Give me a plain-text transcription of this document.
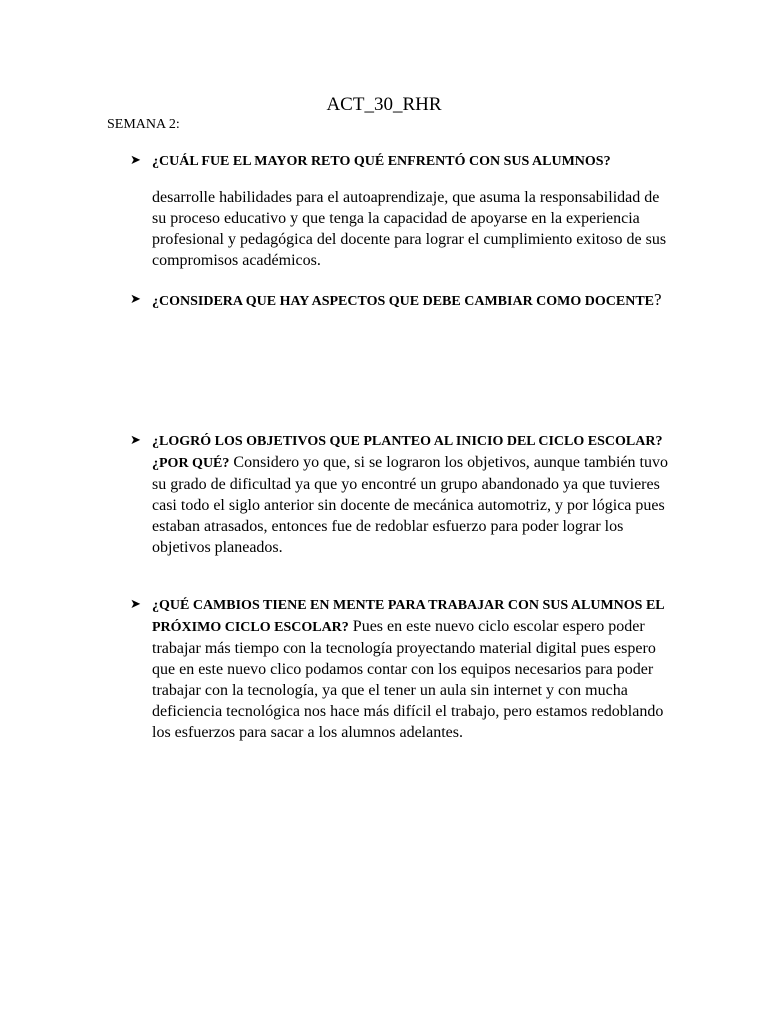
ACT_30_RHR
SEMANA 2:
➤ ¿CUÁL FUE EL MAYOR RETO QUÉ ENFRENTÓ CON SUS ALUMNOS?
desarrolle habilidades para el autoaprendizaje, que asuma la responsabilidad de su proceso educativo y que tenga la capacidad de apoyarse en la experiencia profesional y pedagógica del docente para lograr el cumplimiento exitoso de sus compromisos académicos.
➤ ¿CONSIDERA QUE HAY ASPECTOS QUE DEBE CAMBIAR COMO DOCENTE?
➤ ¿LOGRÓ LOS OBJETIVOS QUE PLANTEO AL INICIO DEL CICLO ESCOLAR? ¿POR QUÉ? Considero yo que, si se lograron los objetivos, aunque también tuvo su grado de dificultad ya que yo encontré un grupo abandonado ya que tuvieres casi todo el siglo anterior sin docente de mecánica automotriz, y por lógica pues estaban atrasados, entonces fue de redoblar esfuerzo para poder lograr los objetivos planeados.
➤ ¿QUÉ CAMBIOS TIENE EN MENTE PARA TRABAJAR CON SUS ALUMNOS EL PRÓXIMO CICLO ESCOLAR? Pues en este nuevo ciclo escolar espero poder trabajar más tiempo con la tecnología proyectando material digital pues espero que en este nuevo clico podamos contar con los equipos necesarios para poder trabajar con la tecnología, ya que el tener un aula sin internet y con mucha deficiencia tecnológica nos hace más difícil el trabajo, pero estamos redoblando los esfuerzos para sacar a los alumnos adelantes.
